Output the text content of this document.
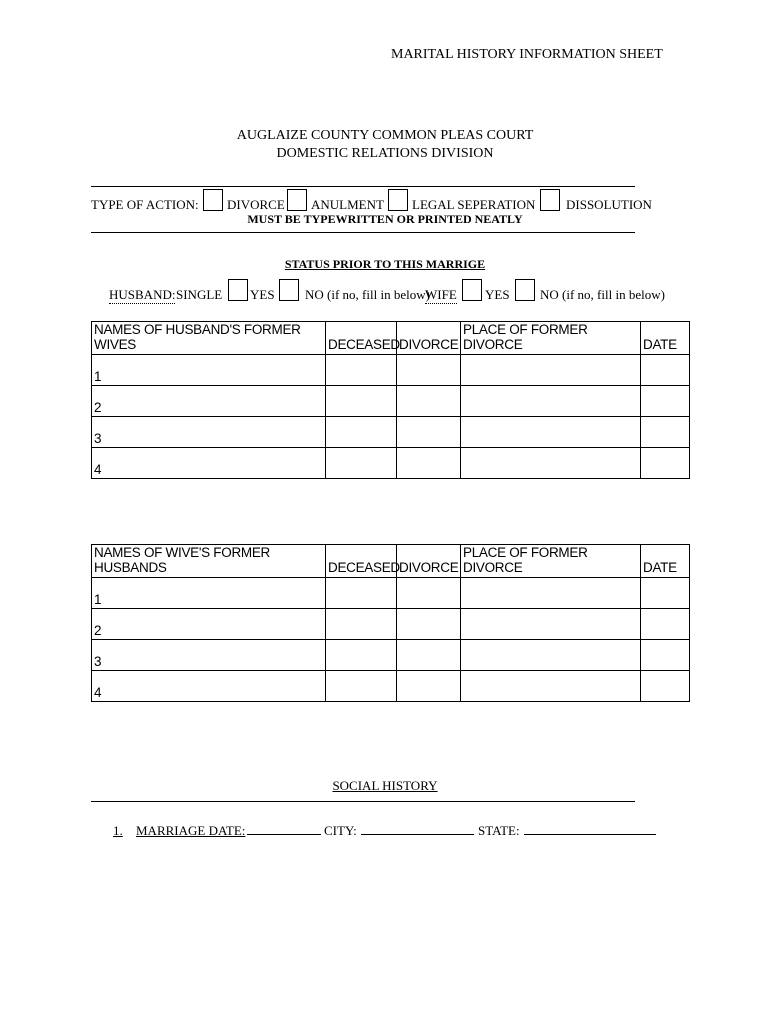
MARITAL HISTORY INFORMATION SHEET
AUGLAIZE COUNTY COMMON PLEAS COURT
DOMESTIC RELATIONS DIVISION
TYPE OF ACTION: DIVORCE ANULMENT LEGAL SEPERATION DISSOLUTION
MUST BE TYPEWRITTEN OR PRINTED NEATLY
STATUS PRIOR TO THIS MARRIGE
HUSBAND: SINGLE YES NO (if no, fill in below)
WIFE YES NO (if no, fill in below)
NAMES OF HUSBAND'S FORMER WIVES	DECEASED	DIVORCE	PLACE OF FORMER DIVORCE	DATE
1				
2				
3				
4				
NAMES OF WIVE'S FORMER HUSBANDS	DECEASED	DIVORCE	PLACE OF FORMER DIVORCE	DATE
1				
2				
3				
4				
SOCIAL HISTORY
1. MARRIAGE DATE:	CITY:	STATE:
